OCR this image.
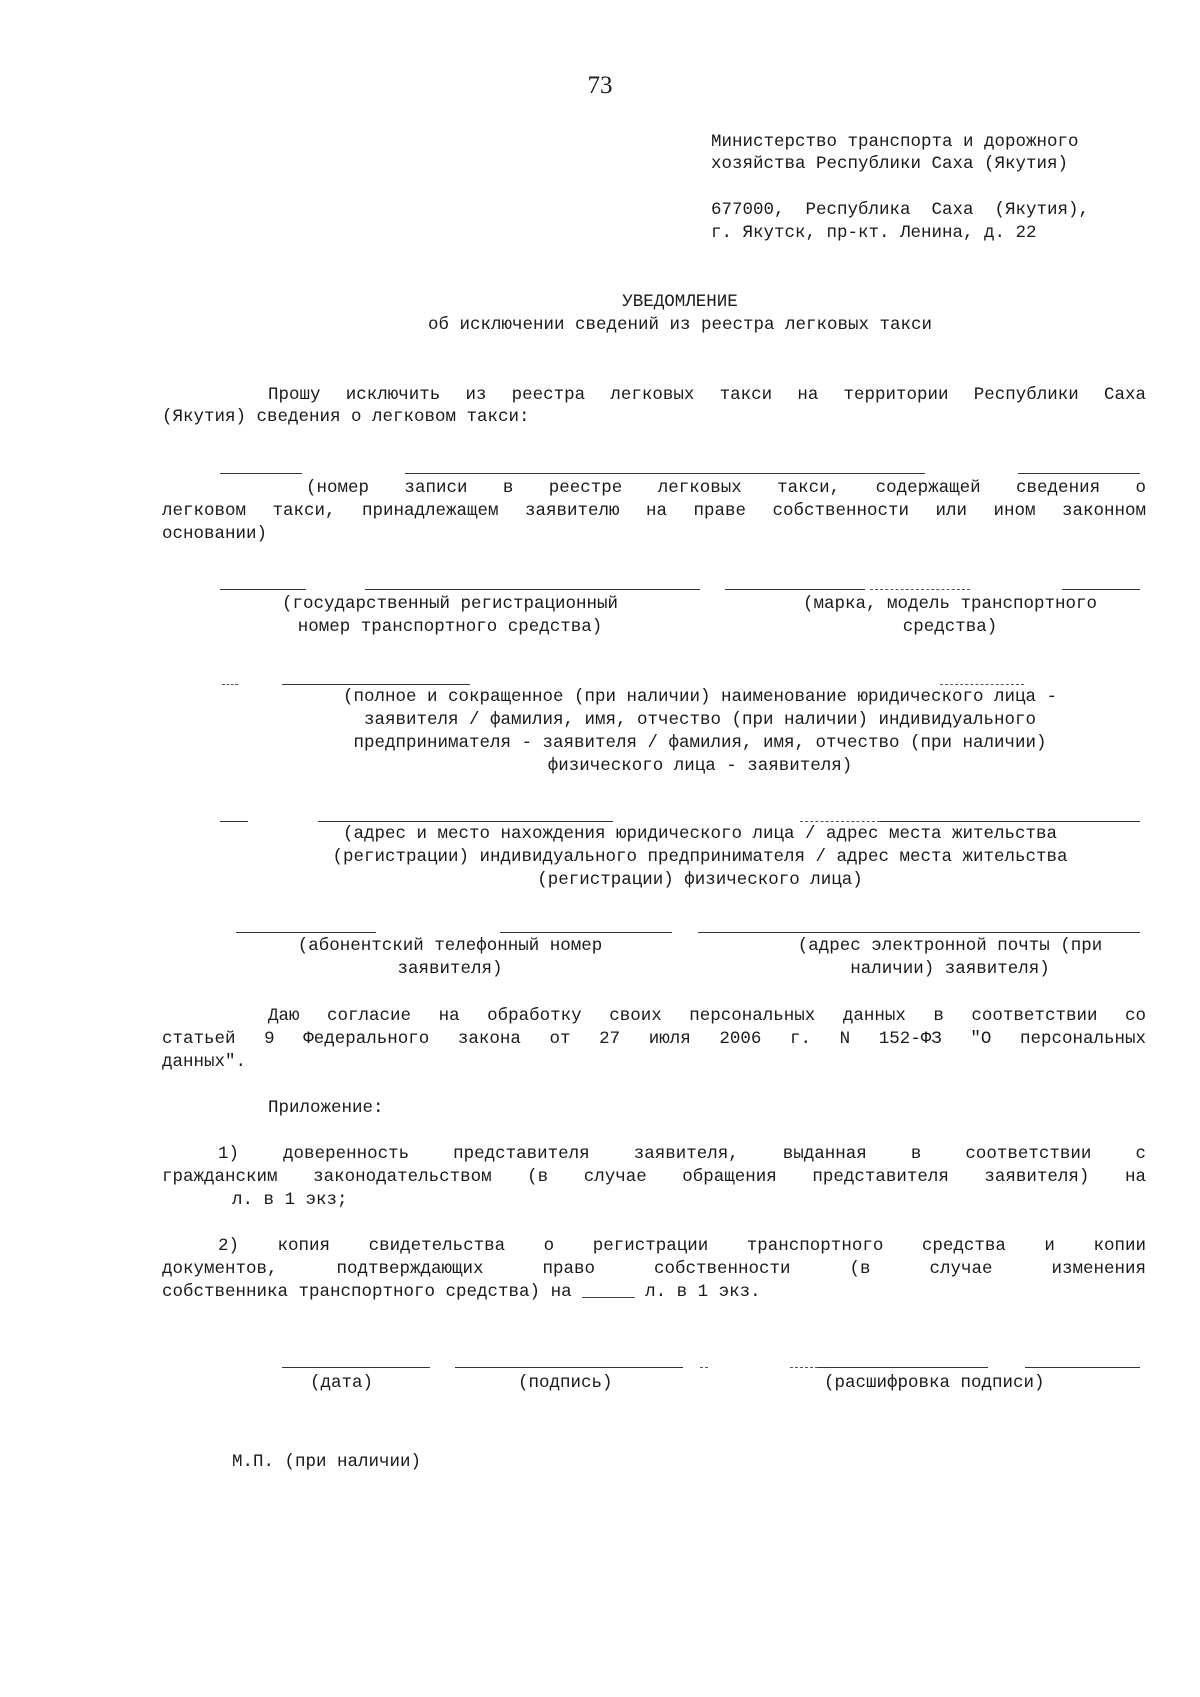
73
Министерство транспорта и дорожного
хозяйства Республики Саха (Якутия)
677000,  Республика  Саха  (Якутия),
г. Якутск, пр-кт. Ленина, д. 22
УВЕДОМЛЕНИЕ
об исключении сведений из реестра легковых такси
Прошу исключить из реестра легковых такси на территории Республики Саха
(Якутия) сведения о легковом такси:
(номер записи в реестре легковых такси, содержащей сведения о
легковом такси, принадлежащем заявителю на праве собственности или ином законном
основании)
(государственный регистрационный
номер транспортного средства)
(марка, модель транспортного
средства)
(полное и сокращенное (при наличии) наименование юридического лица -
заявителя / фамилия, имя, отчество (при наличии) индивидуального
предпринимателя - заявителя / фамилия, имя, отчество (при наличии)
физического лица - заявителя)
(адрес и место нахождения юридического лица / адрес места жительства
(регистрации) индивидуального предпринимателя / адрес места жительства
(регистрации) физического лица)
(абонентский телефонный номер
заявителя)
(адрес электронной почты (при
наличии) заявителя)
Даю согласие на обработку своих персональных данных в соответствии со
статьей 9 Федерального закона от 27 июля 2006 г. N 152-ФЗ "О персональных
данных".
Приложение:
1) доверенность представителя заявителя, выданная в соответствии с
гражданским законодательством (в случае обращения представителя заявителя) на
л. в 1 экз;
2) копия свидетельства о регистрации транспортного средства и копии
документов, подтверждающих право собственности (в случае изменения
собственника транспортного средства) на _____ л. в 1 экз.
(дата)	(подпись)	(расшифровка подписи)
М.П. (при наличии)
